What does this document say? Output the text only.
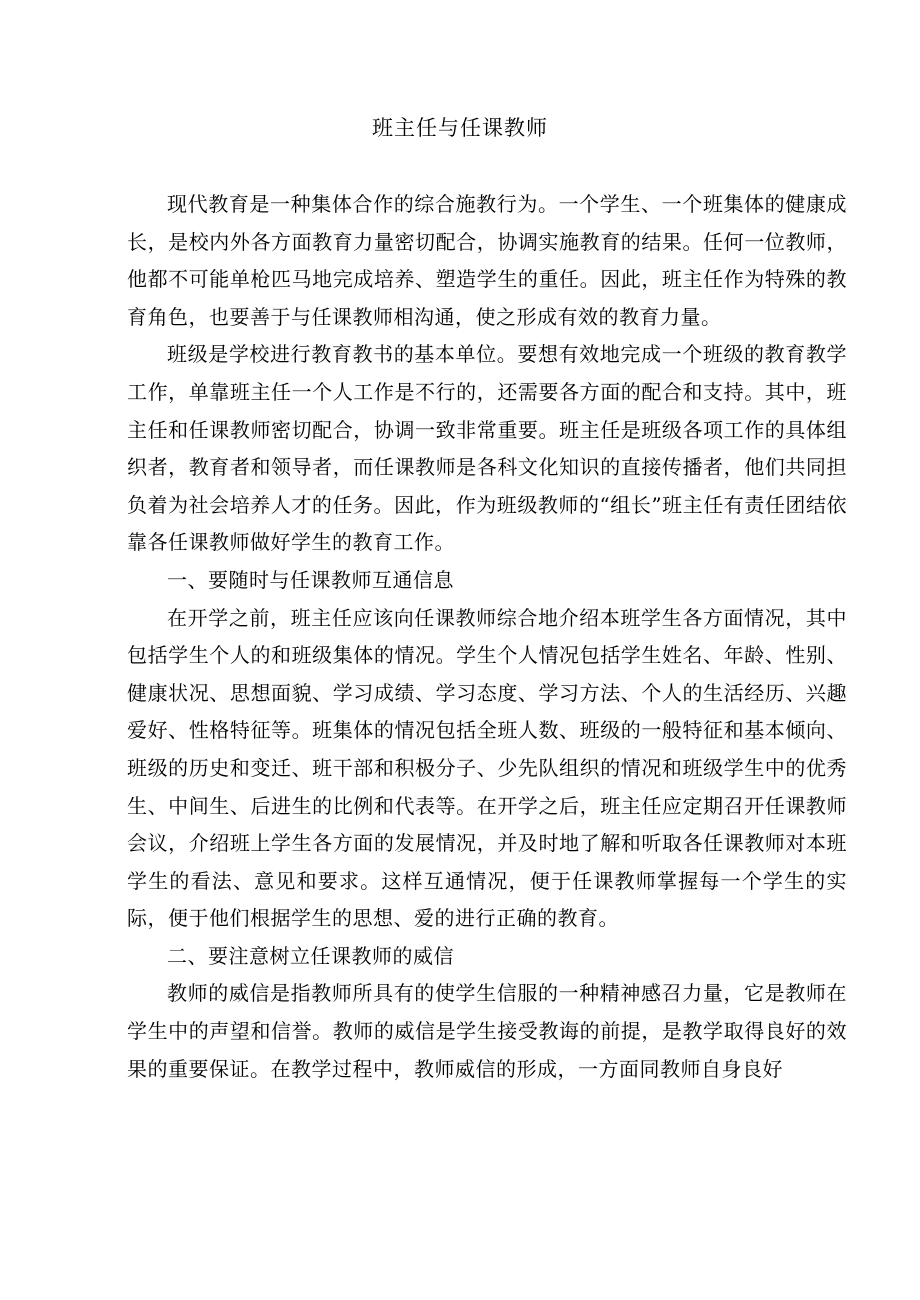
班主任与任课教师

现代教育是一种集体合作的综合施教行为。一个学生、一个班集体的健康成长，是校内外各方面教育力量密切配合，协调实施教育的结果。任何一位教师，他都不可能单枪匹马地完成培养、塑造学生的重任。因此，班主任作为特殊的教育角色，也要善于与任课教师相沟通，使之形成有效的教育力量。

班级是学校进行教育教书的基本单位。要想有效地完成一个班级的教育教学工作，单靠班主任一个人工作是不行的，还需要各方面的配合和支持。其中，班主任和任课教师密切配合，协调一致非常重要。班主任是班级各项工作的具体组织者，教育者和领导者，而任课教师是各科文化知识的直接传播者，他们共同担负着为社会培养人才的任务。因此，作为班级教师的“组长”班主任有责任团结依靠各任课教师做好学生的教育工作。

一、要随时与任课教师互通信息

在开学之前，班主任应该向任课教师综合地介绍本班学生各方面情况，其中包括学生个人的和班级集体的情况。学生个人情况包括学生姓名、年龄、性别、健康状况、思想面貌、学习成绩、学习态度、学习方法、个人的生活经历、兴趣爱好、性格特征等。班集体的情况包括全班人数、班级的一般特征和基本倾向、班级的历史和变迁、班干部和积极分子、少先队组织的情况和班级学生中的优秀生、中间生、后进生的比例和代表等。在开学之后，班主任应定期召开任课教师会议，介绍班上学生各方面的发展情况，并及时地了解和听取各任课教师对本班学生的看法、意见和要求。这样互通情况，便于任课教师掌握每一个学生的实际，便于他们根据学生的思想、爱的进行正确的教育。

二、要注意树立任课教师的威信

教师的威信是指教师所具有的使学生信服的一种精神感召力量，它是教师在学生中的声望和信誉。教师的威信是学生接受教诲的前提，是教学取得良好的效果的重要保证。在教学过程中，教师威信的形成，一方面同教师自身良好
